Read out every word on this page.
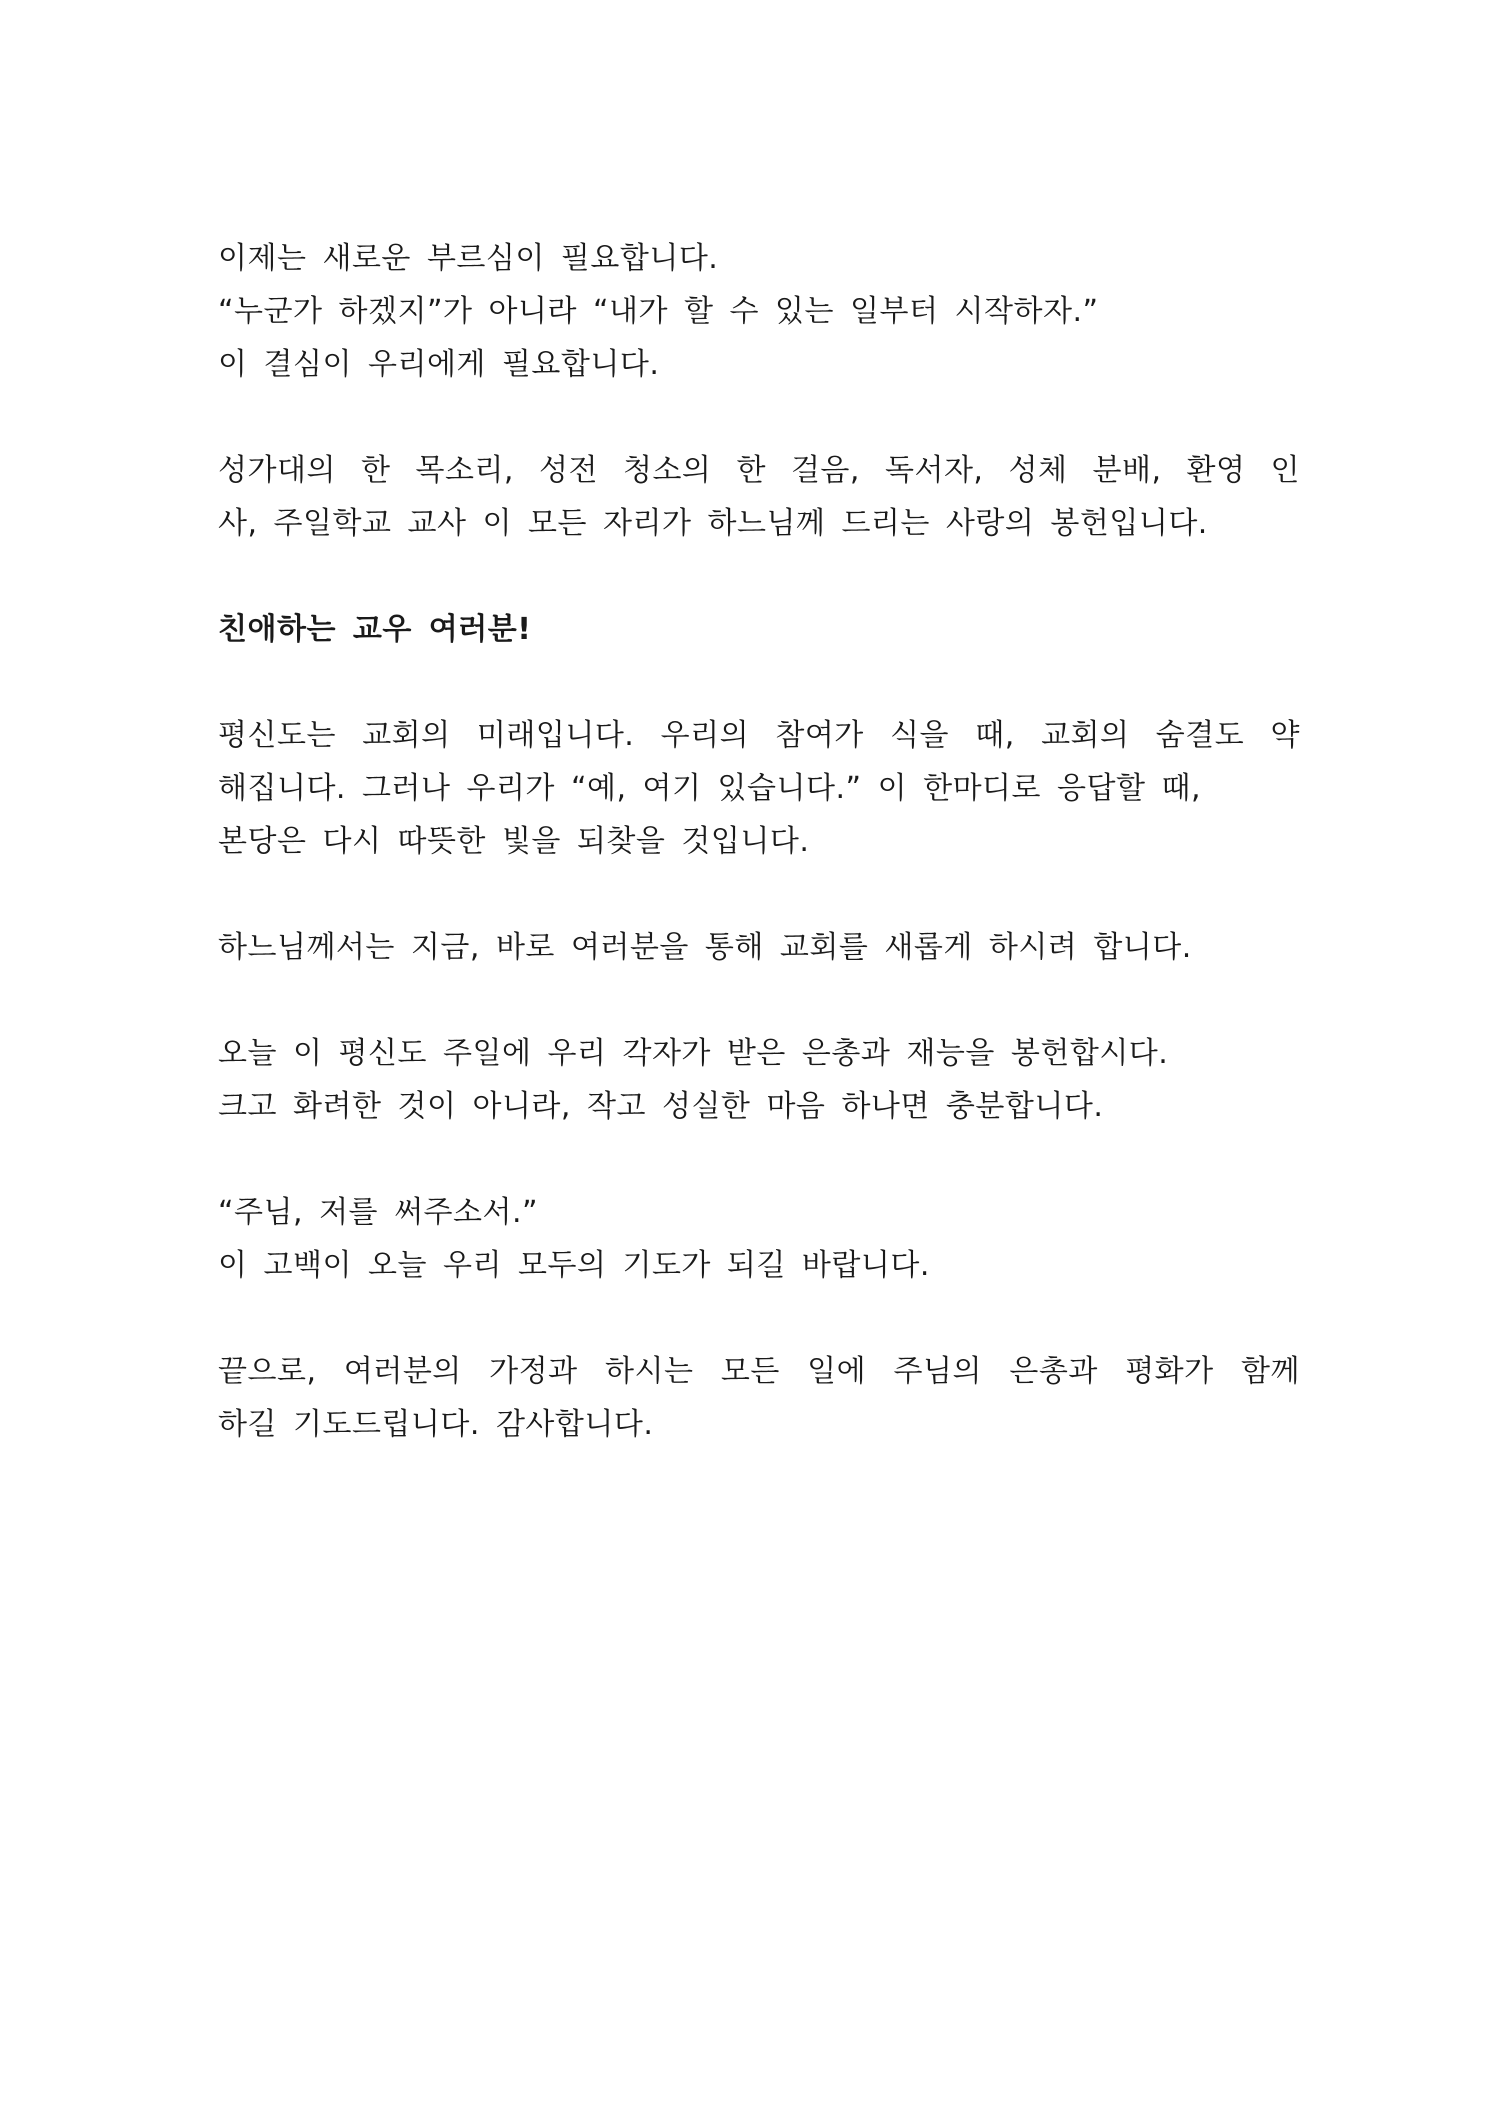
이제는 새로운 부르심이 필요합니다.
“누군가 하겠지”가 아니라 “내가 할 수 있는 일부터 시작하자.”
이 결심이 우리에게 필요합니다.

성가대의 한 목소리, 성전 청소의 한 걸음, 독서자, 성체 분배, 환영 인
사, 주일학교 교사 이 모든 자리가 하느님께 드리는 사랑의 봉헌입니다.

친애하는 교우 여러분!

평신도는 교회의 미래입니다. 우리의 참여가 식을 때, 교회의 숨결도 약
해집니다. 그러나 우리가 “예, 여기 있습니다.” 이 한마디로 응답할 때,
본당은 다시 따뜻한 빛을 되찾을 것입니다.

하느님께서는 지금, 바로 여러분을 통해 교회를 새롭게 하시려 합니다.

오늘 이 평신도 주일에 우리 각자가 받은 은총과 재능을 봉헌합시다.
크고 화려한 것이 아니라, 작고 성실한 마음 하나면 충분합니다.

“주님, 저를 써주소서.”
이 고백이 오늘 우리 모두의 기도가 되길 바랍니다.

끝으로, 여러분의 가정과 하시는 모든 일에 주님의 은총과 평화가 함께
하길 기도드립니다. 감사합니다.
